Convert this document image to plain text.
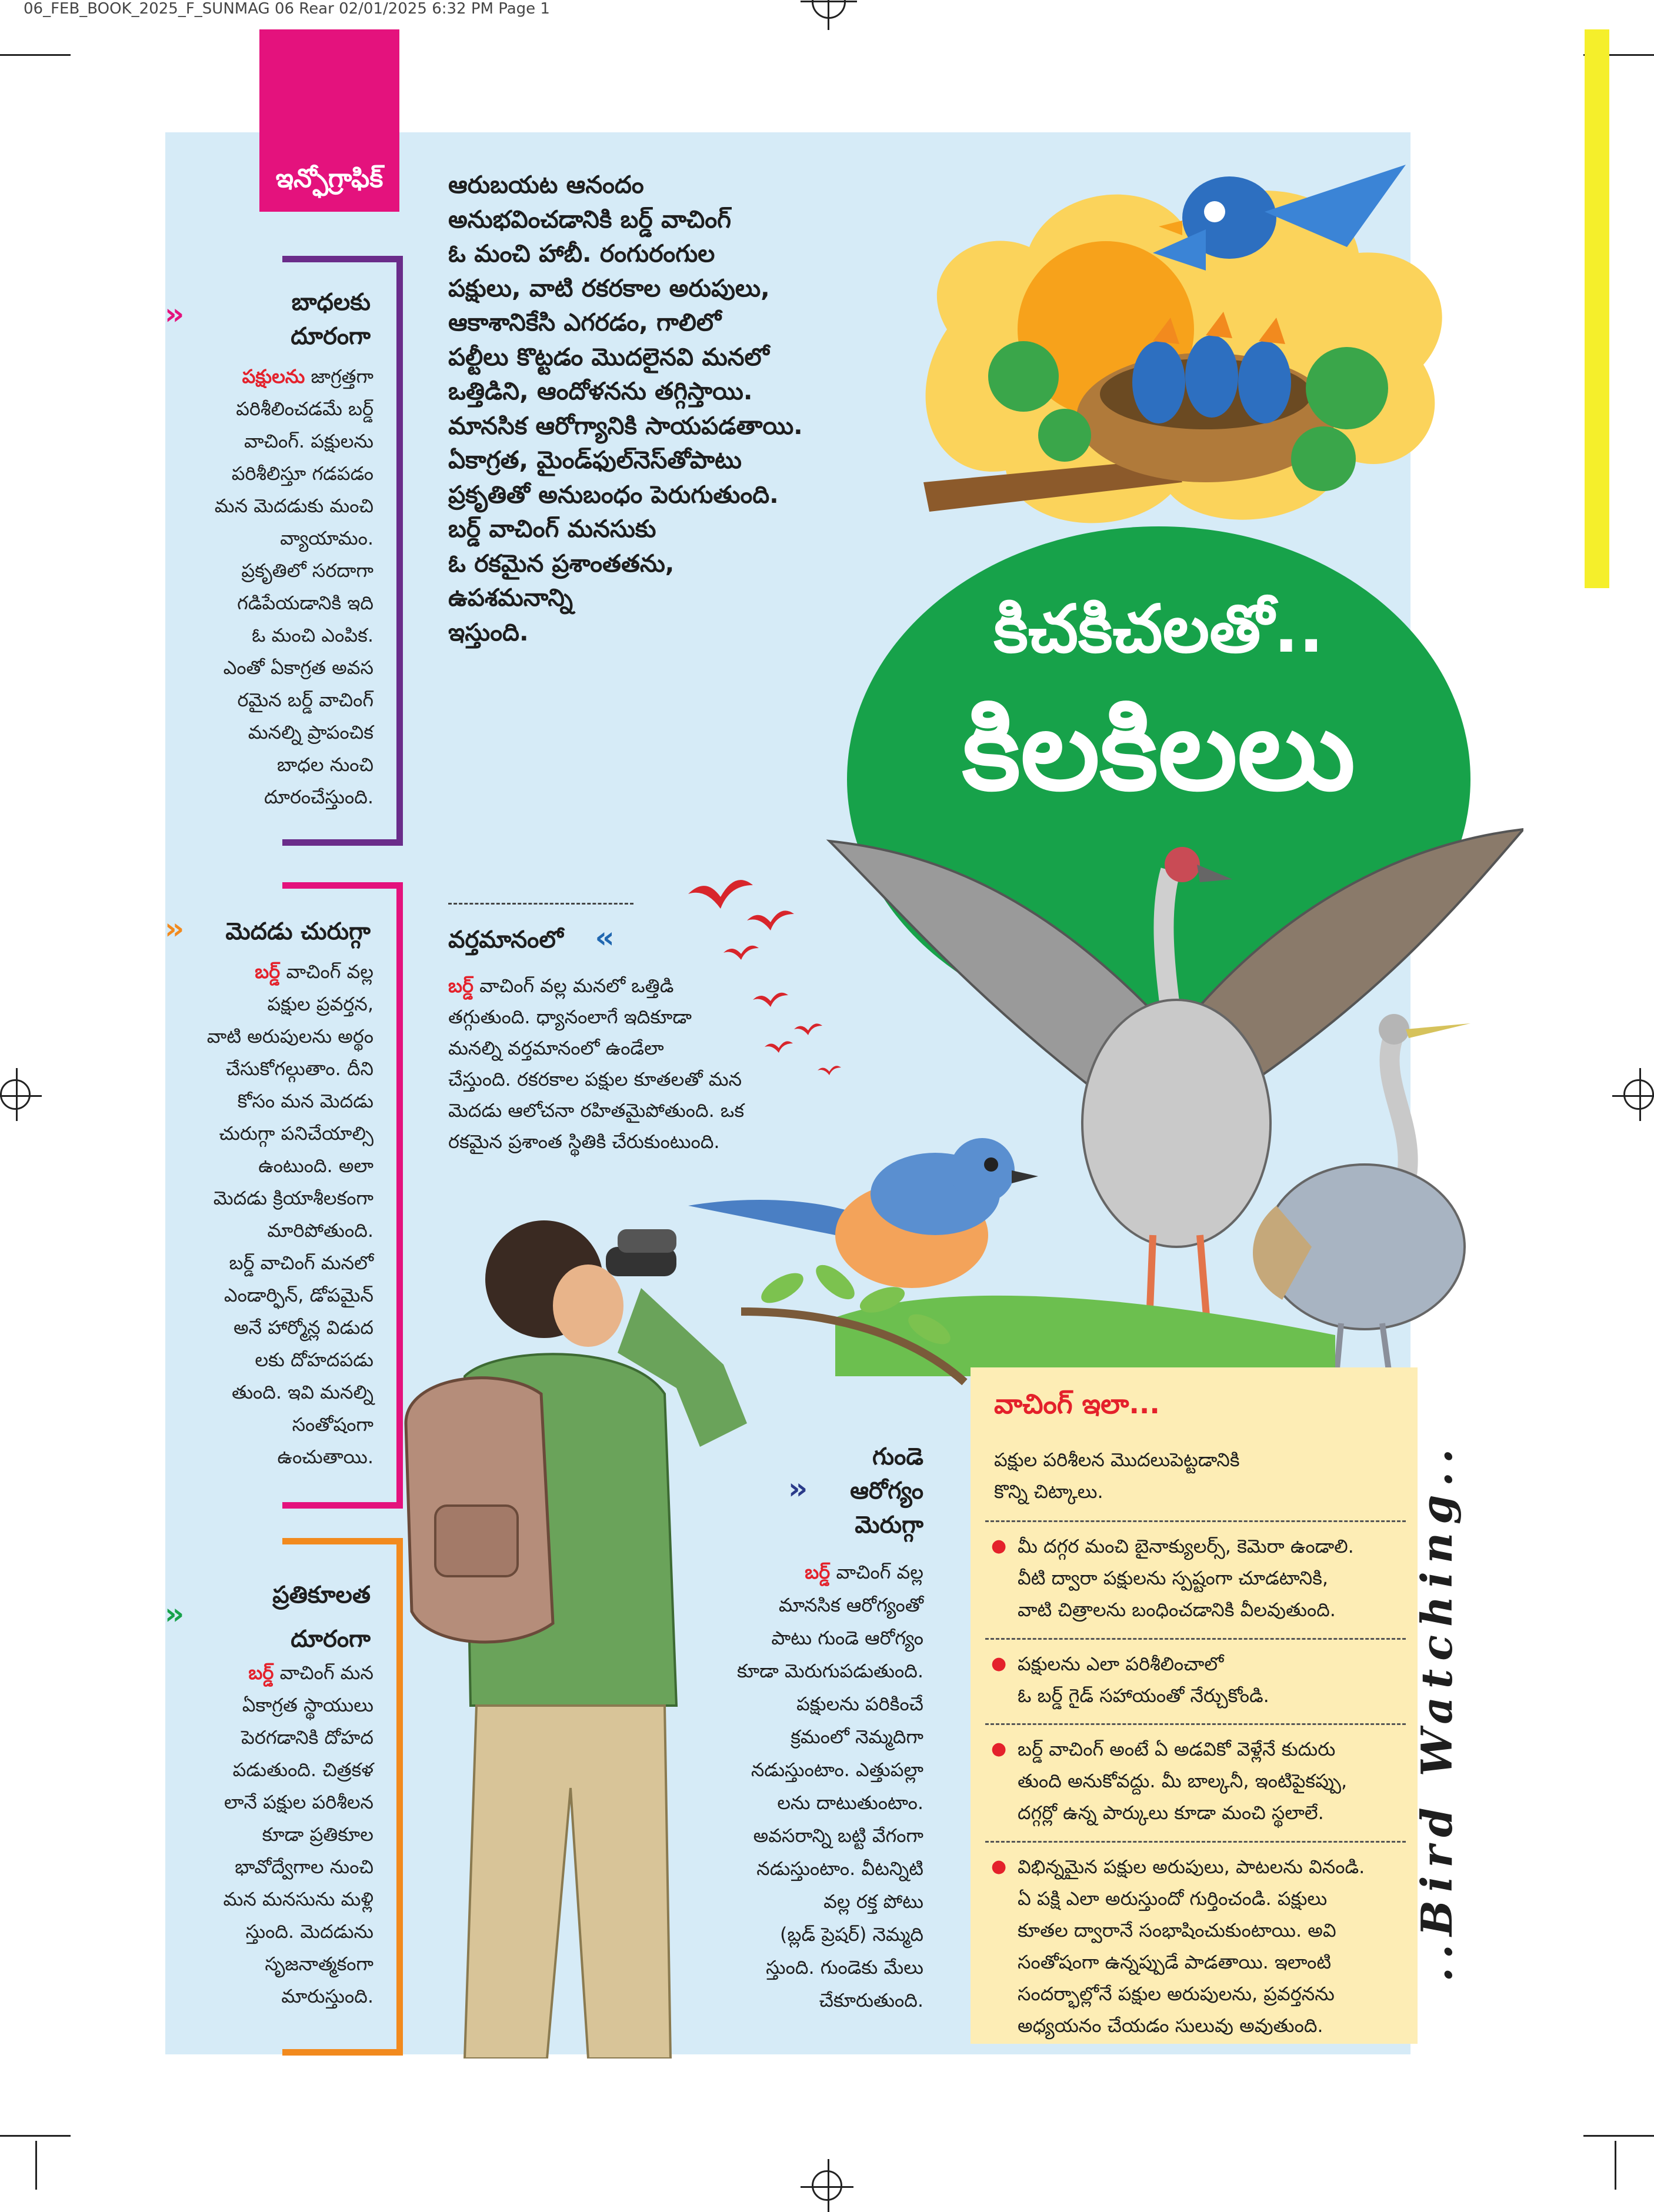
06_FEB_BOOK_2025_F_SUNMAG 06 Rear 02/01/2025 6:32 PM Page 1
ఇన్ఫోగ్రాఫిక్
››	బాధలకు
దూరంగా
పక్షులను జాగ్రత్తగా
పరిశీలించడమే బర్డ్
వాచింగ్. పక్షులను
పరిశీలిస్తూ గడపడం
మన మెదడుకు మంచి
వ్యాయామం.
ప్రకృతిలో సరదాగా
గడిపేయడానికి ఇది
ఓ మంచి ఎంపిక.
ఎంతో ఏకాగ్రత అవస
రమైన బర్డ్ వాచింగ్
మనల్ని ప్రాపంచిక
బాధల నుంచి
దూరంచేస్తుంది.
››	మెదడు చురుగ్గా
బర్డ్ వాచింగ్ వల్ల
పక్షుల ప్రవర్తన,
వాటి అరుపులను అర్థం
చేసుకోగల్గుతాం. దీని
కోసం మన మెదడు
చురుగ్గా పనిచేయాల్సి
ఉంటుంది. అలా
మెదడు క్రియాశీలకంగా
మారిపోతుంది.
బర్డ్ వాచింగ్ మనలో
ఎండార్ఫిన్, డోపమైన్
అనే హార్మోన్ల విడుద
లకు దోహదపడు
తుంది. ఇవి మనల్ని
సంతోషంగా
ఉంచుతాయి.
››
ప్రతికూలత
దూరంగా
బర్డ్ వాచింగ్ మన
ఏకాగ్రత స్థాయులు
పెరగడానికి దోహద
పడుతుంది. చిత్రకళ
లానే పక్షుల పరిశీలన
కూడా ప్రతికూల
భావోద్వేగాల నుంచి
మన మనసును మళ్లి
స్తుంది. మెదడును
సృజనాత్మకంగా
మారుస్తుంది.
ఆరుబయట ఆనందం
అనుభవించడానికి బర్డ్ వాచింగ్
ఓ మంచి హాబీ. రంగురంగుల
పక్షులు, వాటి రకరకాల అరుపులు,
ఆకాశానికేసి ఎగరడం, గాలిలో
పల్టీలు కొట్టడం మొదలైనవి మనలో
ఒత్తిడిని, ఆందోళనను తగ్గిస్తాయి.
మానసిక ఆరోగ్యానికి సాయపడతాయి.
ఏకాగ్రత, మైండ్‌ఫుల్‌నెస్‌తోపాటు
ప్రకృతితో అనుబంధం పెరుగుతుంది.
బర్డ్ వాచింగ్ మనసుకు
ఓ రకమైన ప్రశాంతతను,
ఉపశమనాన్ని
ఇస్తుంది.
వర్తమానంలో ‹‹
బర్డ్ వాచింగ్ వల్ల మనలో ఒత్తిడి
తగ్గుతుంది. ధ్యానంలాగే ఇదికూడా
మనల్ని వర్తమానంలో ఉండేలా
చేస్తుంది. రకరకాల పక్షుల కూతలతో మన
మెదడు ఆలోచనా రహితమైపోతుంది. ఒక
రకమైన ప్రశాంత స్థితికి చేరుకుంటుంది.
కిచకిచలతో..
కిలకిలలు
››
గుండె
ఆరోగ్యం
మెరుగ్గా
బర్డ్ వాచింగ్ వల్ల
మానసిక ఆరోగ్యంతో
పాటు గుండె ఆరోగ్యం
కూడా మెరుగుపడుతుంది.
పక్షులను పరికించే
క్రమంలో నెమ్మదిగా
నడుస్తుంటాం. ఎత్తుపల్లా
లను దాటుతుంటాం.
అవసరాన్ని బట్టి వేగంగా
నడుస్తుంటాం. వీటన్నిటి
వల్ల రక్త పోటు
(బ్లడ్ ప్రెషర్) నెమ్మది
స్తుంది. గుండెకు మేలు
చేకూరుతుంది.
వాచింగ్ ఇలా...
పక్షుల పరిశీలన మొదలుపెట్టడానికి
కొన్ని చిట్కాలు.
● మీ దగ్గర మంచి బైనాక్యులర్స్, కెమెరా ఉండాలి.
వీటి ద్వారా పక్షులను స్పష్టంగా చూడటానికి,
వాటి చిత్రాలను బంధించడానికి వీలవుతుంది.
● పక్షులను ఎలా పరిశీలించాలో
ఓ బర్డ్ గైడ్ సహాయంతో నేర్చుకోండి.
● బర్డ్ వాచింగ్ అంటే ఏ అడవికో వెళ్లేనే కుదురు
తుంది అనుకోవద్దు. మీ బాల్కనీ, ఇంటిపైకప్పు,
దగ్గర్లో ఉన్న పార్కులు కూడా మంచి స్థలాలే.
● విభిన్నమైన పక్షుల అరుపులు, పాటలను వినండి.
ఏ పక్షి ఎలా అరుస్తుందో గుర్తించండి. పక్షులు
కూతల ద్వారానే సంభాషించుకుంటాయి. అవి
సంతోషంగా ఉన్నప్పుడే పాడతాయి. ఇలాంటి
సందర్భాల్లోనే పక్షుల అరుపులను, ప్రవర్తనను
అధ్యయనం చేయడం సులువు అవుతుంది.
..Bird Watching..
